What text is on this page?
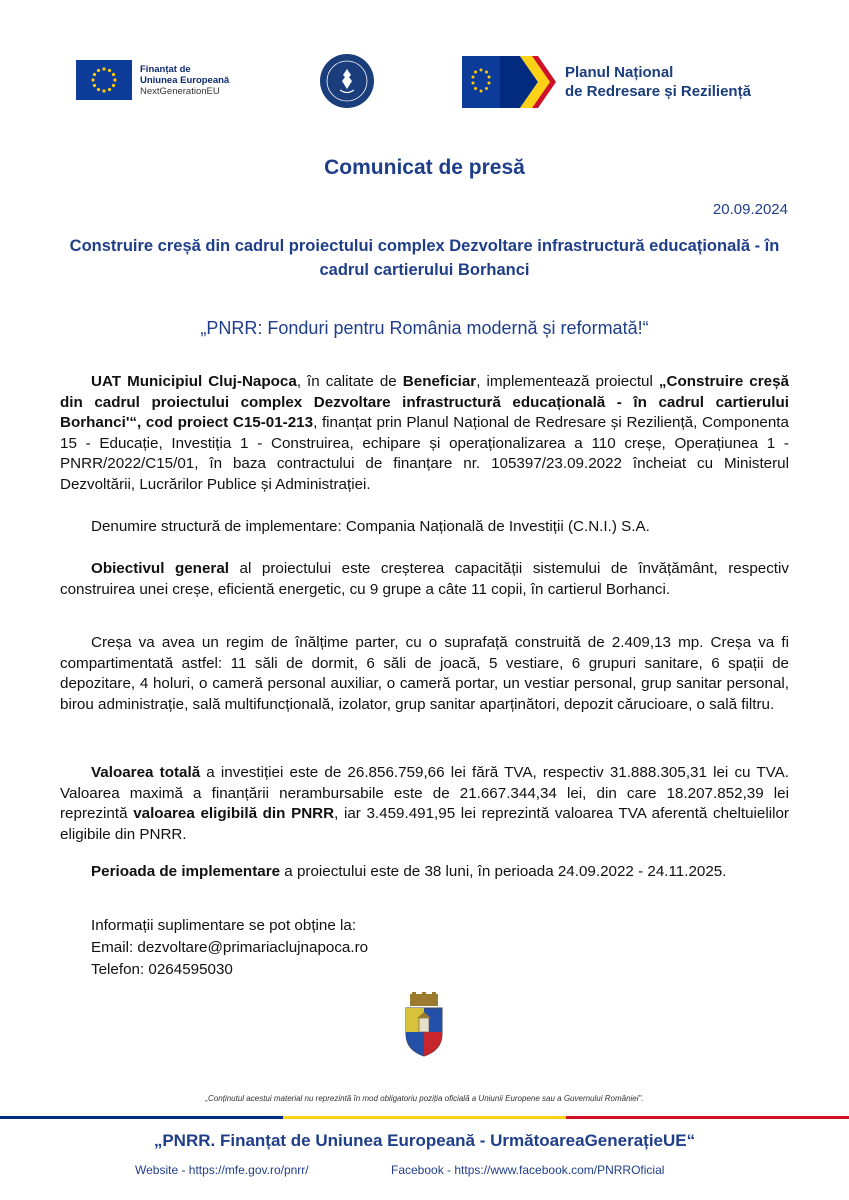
Finanțat de
Uniunea Europeană
NextGenerationEU
Planul Național
de Redresare și Reziliență
Comunicat de presă
20.09.2024
Construire creșă din cadrul proiectului complex Dezvoltare infrastructură educațională - în cadrul cartierului Borhanci
„PNRR: Fonduri pentru România modernă și reformată!“
UAT Municipiul Cluj-Napoca, în calitate de Beneficiar, implementează proiectul „Construire creșă din cadrul proiectului complex Dezvoltare infrastructură educațională - în cadrul cartierului Borhanci'“, cod proiect C15-01-213, finanțat prin Planul Național de Redresare și Reziliență, Componenta 15 - Educație, Investiția 1 - Construirea, echipare și operaționalizarea a 110 creșe, Operațiunea 1 - PNRR/2022/C15/01, în baza contractului de finanțare nr. 105397/23.09.2022 încheiat cu Ministerul Dezvoltării, Lucrărilor Publice și Administrației.
Denumire structură de implementare: Compania Națională de Investiții (C.N.I.) S.A.
Obiectivul general al proiectului este creșterea capacității sistemului de învățământ, respectiv construirea unei creșe, eficientă energetic, cu 9 grupe a câte 11 copii, în cartierul Borhanci.
Creșa va avea un regim de înălțime parter, cu o suprafață construită de 2.409,13 mp. Creșa va fi compartimentată astfel: 11 săli de dormit, 6 săli de joacă, 5 vestiare, 6 grupuri sanitare, 6 spații de depozitare, 4 holuri, o cameră personal auxiliar, o cameră portar, un vestiar personal, grup sanitar personal, birou administrație, sală multifuncțională, izolator, grup sanitar aparținători, depozit cărucioare, o sală filtru.
Valoarea totală a investiției este de 26.856.759,66 lei fără TVA, respectiv 31.888.305,31 lei cu TVA. Valoarea maximă a finanțării nerambursabile este de 21.667.344,34 lei, din care 18.207.852,39 lei reprezintă valoarea eligibilă din PNRR, iar 3.459.491,95 lei reprezintă valoarea TVA aferentă cheltuielilor eligibile din PNRR.
Perioada de implementare a proiectului este de 38 luni, în perioada 24.09.2022 - 24.11.2025.
Informații suplimentare se pot obține la:
Email: dezvoltare@primariaclujnapoca.ro
Telefon: 0264595030
„Conținutul acestui material nu reprezintă în mod obligatoriu poziția oficială a Uniunii Europene sau a Guvernului României".
„PNRR. Finanțat de Uniunea Europeană - UrmătoareaGenerațieUE“
Website - https://mfe.gov.ro/pnrr/	Facebook - https://www.facebook.com/PNRROficial
